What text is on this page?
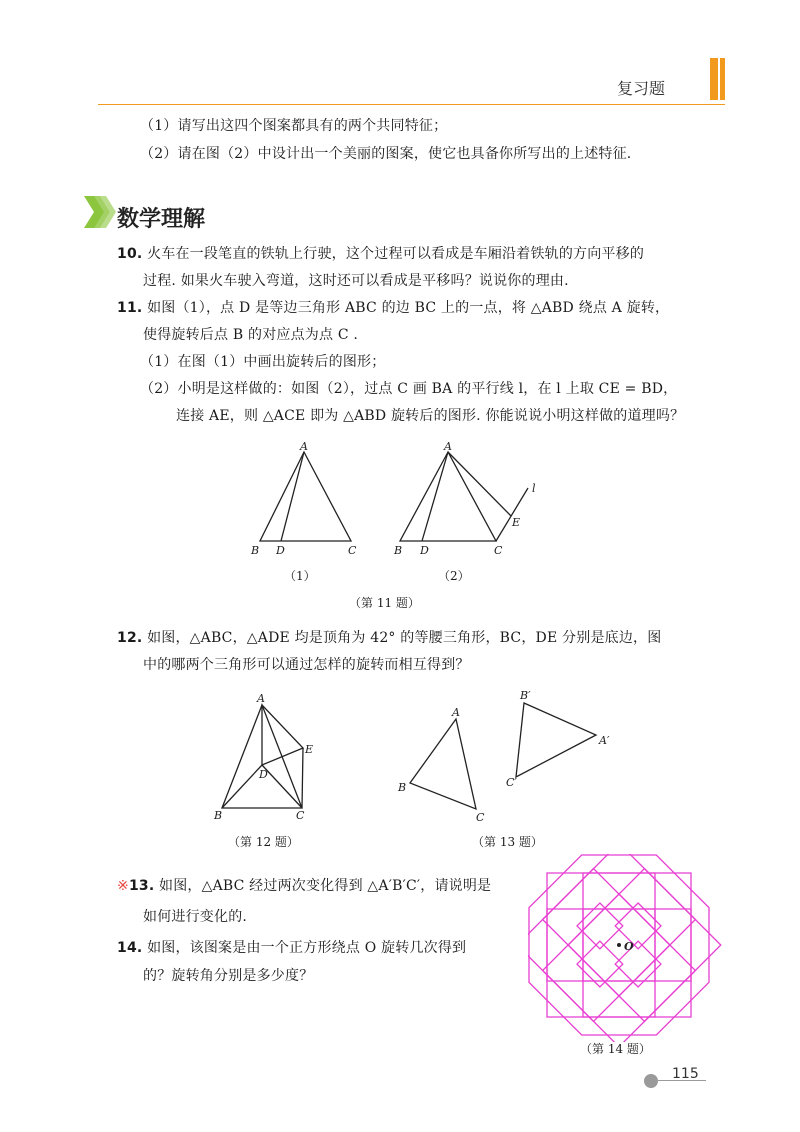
复习题
（1）请写出这四个图案都具有的两个共同特征；
（2）请在图（2）中设计出一个美丽的图案，使它也具备你所写出的上述特征.
数学理解
10. 火车在一段笔直的铁轨上行驶，这个过程可以看成是车厢沿着铁轨的方向平移的
过程. 如果火车驶入弯道，这时还可以看成是平移吗？说说你的理由.
11. 如图（1），点 D 是等边三角形 ABC 的边 BC 上的一点，将 △ABD 绕点 A 旋转，
使得旋转后点 B 的对应点为点 C .
（1）在图（1）中画出旋转后的图形；
（2）小明是这样做的：如图（2），过点 C 画 BA 的平行线 l，在 l 上取 CE = BD，
连接 AE，则 △ACE 即为 △ABD 旋转后的图形. 你能说说小明这样做的道理吗？
A
B D	C
A
B D	C
E
l
（1）	（2）
（第 11 题）
12. 如图，△ABC，△ADE 均是顶角为 42° 的等腰三角形，BC，DE 分别是底边，图
中的哪两个三角形可以通过怎样的旋转而相互得到？
A
B	C
D
E
（第 12 题）
A
B
C
B′
A′
C′
（第 13 题）
※13. 如图，△ABC 经过两次变化得到 △A′B′C′，请说明是
如何进行变化的.
14. 如图，该图案是由一个正方形绕点 O 旋转几次得到
的？旋转角分别是多少度？
O
（第 14 题）
115
